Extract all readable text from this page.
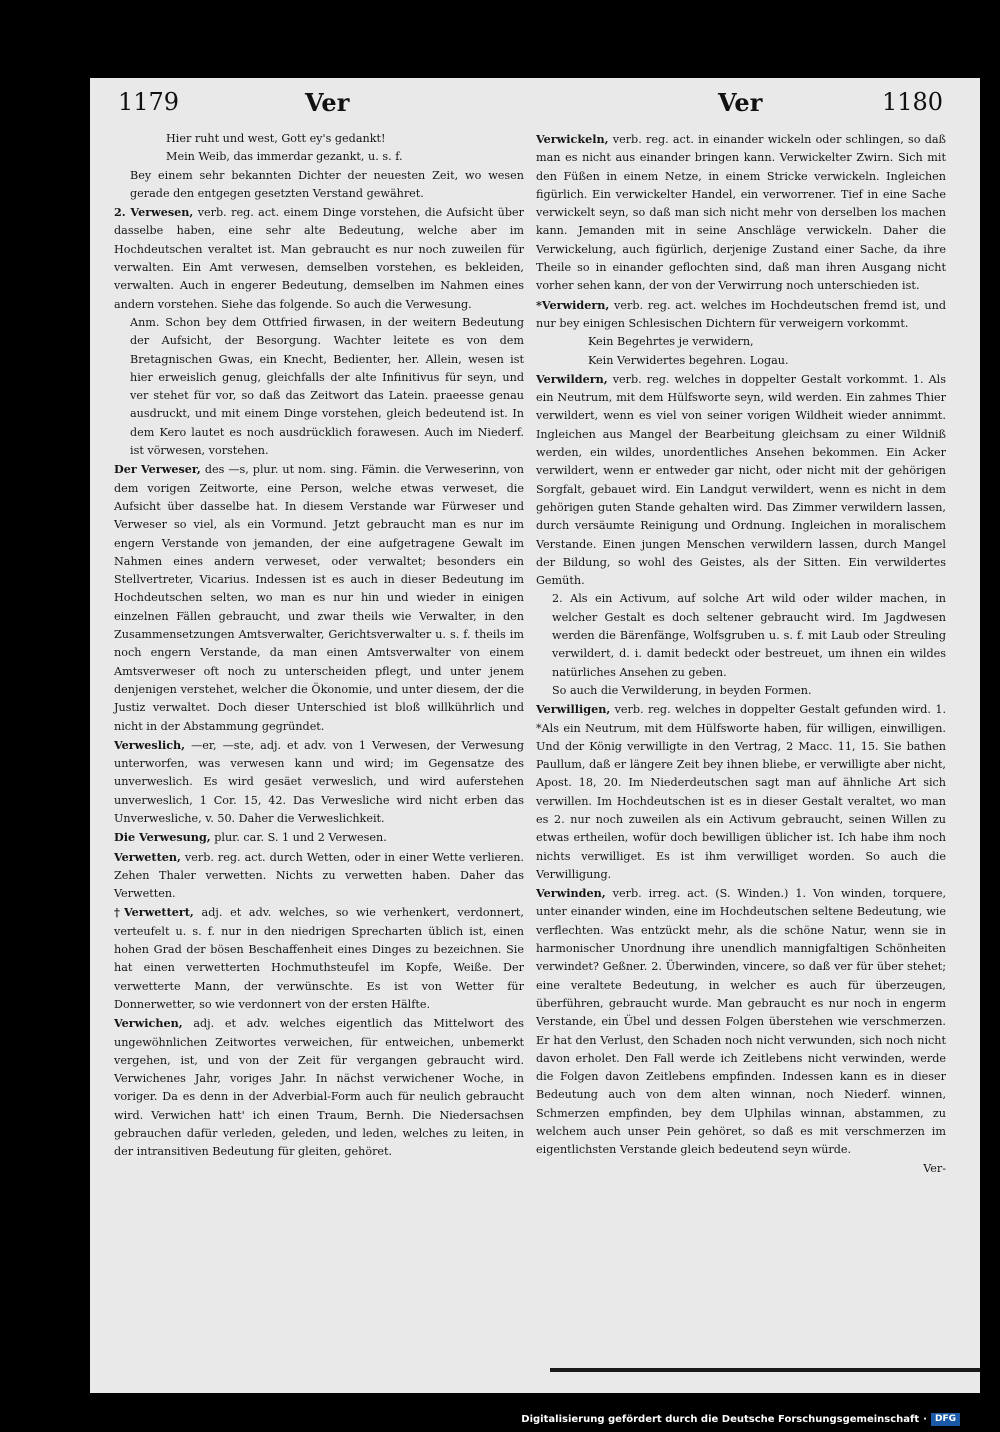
1179	Ver	Ver	1180

Hier ruht und west, Gott ey's gedankt!

Mein Weib, das immerdar gezankt, u. s. f.

Bey einem sehr bekannten Dichter der neuesten Zeit, wo wesen gerade den entgegen gesetzten Verstand gewähret.

2. Verwesen, verb. reg. act. einem Dinge vorstehen, die Aufsicht über dasselbe haben, eine sehr alte Bedeutung, welche aber im Hochdeutschen veraltet ist. Man gebraucht es nur noch zuweilen für verwalten. Ein Amt verwesen, demselben vorstehen, es bekleiden, verwalten. Auch in engerer Bedeutung, demselben im Nahmen eines andern vorstehen. Siehe das folgende. So auch die Verwesung.

Anm. Schon bey dem Ottfried firwasen, in der weitern Bedeutung der Aufsicht, der Besorgung. Wachter leitete es von dem Bretagnischen Gwas, ein Knecht, Bedienter, her. Allein, wesen ist hier erweislich genug, gleichfalls der alte Infinitivus für seyn, und ver stehet für vor, so daß das Zeitwort das Latein. praeesse genau ausdruckt, und mit einem Dinge vorstehen, gleich bedeutend ist. In dem Kero lautet es noch ausdrücklich forawesen. Auch im Niederf. ist vörwesen, vorstehen.

Der Verweser, des —s, plur. ut nom. sing. Fämin. die Verweserinn, von dem vorigen Zeitworte, eine Person, welche etwas verweset, die Aufsicht über dasselbe hat. In diesem Verstande war Fürweser und Verweser so viel, als ein Vormund. Jetzt gebraucht man es nur im engern Verstande von jemanden, der eine aufgetragene Gewalt im Nahmen eines andern verweset, oder verwaltet; besonders ein Stellvertreter, Vicarius. Indessen ist es auch in dieser Bedeutung im Hochdeutschen selten, wo man es nur hin und wieder in einigen einzelnen Fällen gebraucht, und zwar theils wie Verwalter, in den Zusammensetzungen Amtsverwalter, Gerichtsverwalter u. s. f. theils im noch engern Verstande, da man einen Amtsverwalter von einem Amtsverweser oft noch zu unterscheiden pflegt, und unter jenem denjenigen verstehet, welcher die Ökonomie, und unter diesem, der die Justiz verwaltet. Doch dieser Unterschied ist bloß willkührlich und nicht in der Abstammung gegründet.

Verweslich, —er, —ste, adj. et adv. von 1 Verwesen, der Verwesung unterworfen, was verwesen kann und wird; im Gegensatze des unverweslich. Es wird gesäet verweslich, und wird auferstehen unverweslich, 1 Cor. 15, 42. Das Verwesliche wird nicht erben das Unverwesliche, v. 50. Daher die Verweslichkeit.

Die Verwesung, plur. car. S. 1 und 2 Verwesen.

Verwetten, verb. reg. act. durch Wetten, oder in einer Wette verlieren. Zehen Thaler verwetten. Nichts zu verwetten haben. Daher das Verwetten.

†Verwettert, adj. et adv. welches, so wie verhenkert, verdonnert, verteufelt u. s. f. nur in den niedrigen Sprecharten üblich ist, einen hohen Grad der bösen Beschaffenheit eines Dinges zu bezeichnen. Sie hat einen verwetterten Hochmuthsteufel im Kopfe, Weiße. Der verwetterte Mann, der verwünschte. Es ist von Wetter für Donnerwetter, so wie verdonnert von der ersten Hälfte.

Verwichen, adj. et adv. welches eigentlich das Mittelwort des ungewöhnlichen Zeitwortes verweichen, für entweichen, unbemerkt vergehen, ist, und von der Zeit für vergangen gebraucht wird. Verwichenes Jahr, voriges Jahr. In nächst verwichener Woche, in voriger. Da es denn in der Adverbial-Form auch für neulich gebraucht wird. Verwichen hatt' ich einen Traum, Bernh. Die Niedersachsen gebrauchen dafür verleden, geleden, und leden, welches zu leiten, in der intransitiven Bedeutung für gleiten, gehöret.

Verwickeln, verb. reg. act. in einander wickeln oder schlingen, so daß man es nicht aus einander bringen kann. Verwickelter Zwirn. Sich mit den Füßen in einem Netze, in einem Stricke verwickeln. Ingleichen figürlich. Ein verwickelter Handel, ein verworrener. Tief in eine Sache verwickelt seyn, so daß man sich nicht mehr von derselben los machen kann. Jemanden mit in seine Anschläge verwickeln. Daher die Verwickelung, auch figürlich, derjenige Zustand einer Sache, da ihre Theile so in einander geflochten sind, daß man ihren Ausgang nicht vorher sehen kann, der von der Verwirrung noch unterschieden ist.

*Verwidern, verb. reg. act. welches im Hochdeutschen fremd ist, und nur bey einigen Schlesischen Dichtern für verweigern vorkommt.

Kein Begehrtes je verwidern,

Kein Verwidertes begehren. Logau.

Verwildern, verb. reg. welches in doppelter Gestalt vorkommt. 1. Als ein Neutrum, mit dem Hülfsworte seyn, wild werden. Ein zahmes Thier verwildert, wenn es viel von seiner vorigen Wildheit wieder annimmt. Ingleichen aus Mangel der Bearbeitung gleichsam zu einer Wildniß werden, ein wildes, unordentliches Ansehen bekommen. Ein Acker verwildert, wenn er entweder gar nicht, oder nicht mit der gehörigen Sorgfalt, gebauet wird. Ein Landgut verwildert, wenn es nicht in dem gehörigen guten Stande gehalten wird. Das Zimmer verwildern lassen, durch versäumte Reinigung und Ordnung. Ingleichen in moralischem Verstande. Einen jungen Menschen verwildern lassen, durch Mangel der Bildung, so wohl des Geistes, als der Sitten. Ein verwildertes Gemüth.

2. Als ein Activum, auf solche Art wild oder wilder machen, in welcher Gestalt es doch seltener gebraucht wird. Im Jagdwesen werden die Bärenfänge, Wolfsgruben u. s. f. mit Laub oder Streuling verwildert, d. i. damit bedeckt oder bestreuet, um ihnen ein wildes natürliches Ansehen zu geben.

So auch die Verwilderung, in beyden Formen.

Verwilligen, verb. reg. welches in doppelter Gestalt gefunden wird. 1. *Als ein Neutrum, mit dem Hülfsworte haben, für willigen, einwilligen. Und der König verwilligte in den Vertrag, 2 Macc. 11, 15. Sie bathen Paullum, daß er längere Zeit bey ihnen bliebe, er verwilligte aber nicht, Apost. 18, 20. Im Niederdeutschen sagt man auf ähnliche Art sich verwillen. Im Hochdeutschen ist es in dieser Gestalt veraltet, wo man es 2. nur noch zuweilen als ein Activum gebraucht, seinen Willen zu etwas ertheilen, wofür doch bewilligen üblicher ist. Ich habe ihm noch nichts verwilliget. Es ist ihm verwilliget worden. So auch die Verwilligung.

Verwinden, verb. irreg. act. (S. Winden.) 1. Von winden, torquere, unter einander winden, eine im Hochdeutschen seltene Bedeutung, wie verflechten. Was entzückt mehr, als die schöne Natur, wenn sie in harmonischer Unordnung ihre unendlich mannigfaltigen Schönheiten verwindet? Geßner. 2. Überwinden, vincere, so daß ver für über stehet; eine veraltete Bedeutung, in welcher es auch für überzeugen, überführen, gebraucht wurde. Man gebraucht es nur noch in engerm Verstande, ein Übel und dessen Folgen überstehen wie verschmerzen. Er hat den Verlust, den Schaden noch nicht verwunden, sich noch nicht davon erholet. Den Fall werde ich Zeitlebens nicht verwinden, werde die Folgen davon Zeitlebens empfinden. Indessen kann es in dieser Bedeutung auch von dem alten winnan, noch Niederf. winnen, Schmerzen empfinden, bey dem Ulphilas winnan, abstammen, zu welchem auch unser Pein gehöret, so daß es mit verschmerzen im eigentlichsten Verstande gleich bedeutend seyn würde.

Ver-

Digitalisierung gefördert durch die Deutsche Forschungsgemeinschaft · DFG
